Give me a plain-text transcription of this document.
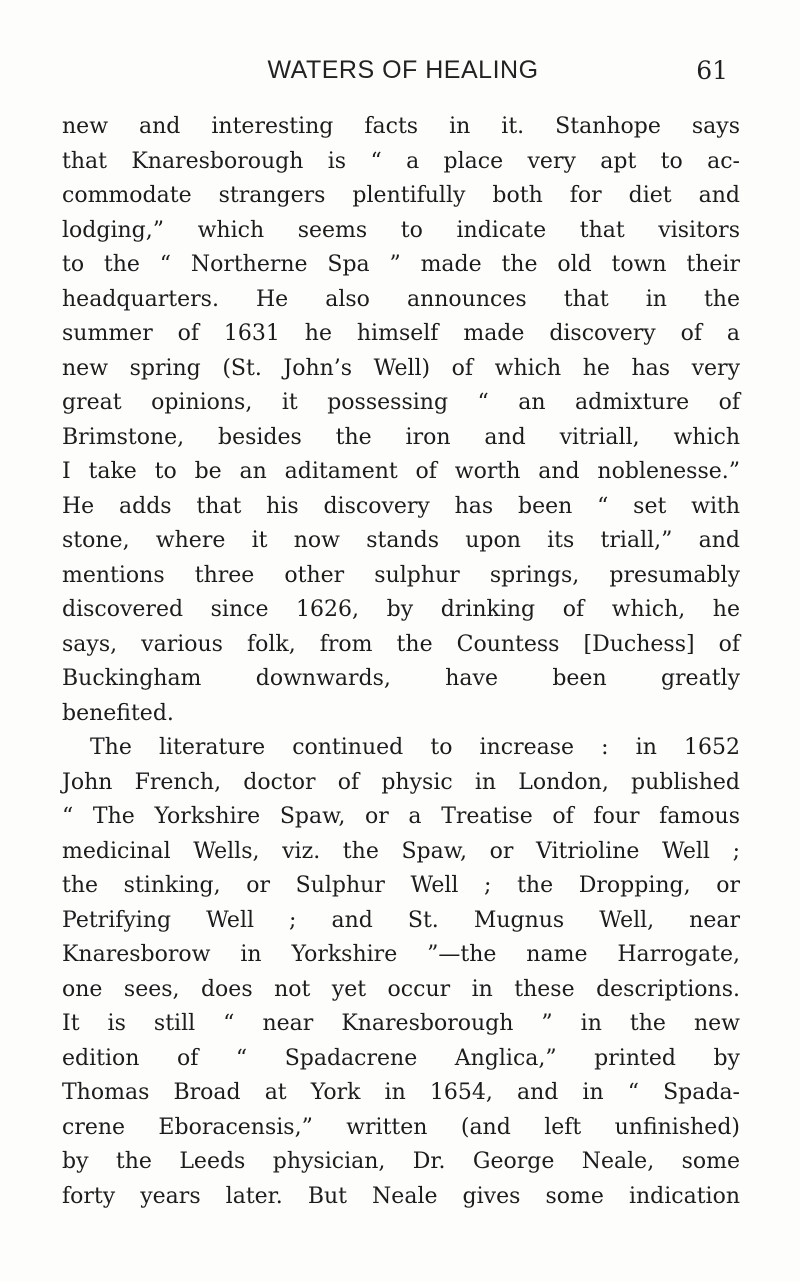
WATERS OF HEALING	61
new and interesting facts in it. Stanhope says
that Knaresborough is “ a place very apt to ac-
commodate strangers plentifully both for diet and
lodging,” which seems to indicate that visitors
to the “ Northerne Spa ” made the old town their
headquarters. He also announces that in the
summer of 1631 he himself made discovery of a
new spring (St. John’s Well) of which he has very
great opinions, it possessing “ an admixture of
Brimstone, besides the iron and vitriall, which
I take to be an aditament of worth and noblenesse.”
He adds that his discovery has been “ set with
stone, where it now stands upon its triall,” and
mentions three other sulphur springs, presumably
discovered since 1626, by drinking of which, he
says, various folk, from the Countess [Duchess] of
Buckingham downwards, have been greatly
benefited.
The literature continued to increase : in 1652
John French, doctor of physic in London, published
“ The Yorkshire Spaw, or a Treatise of four famous
medicinal Wells, viz. the Spaw, or Vitrioline Well ;
the stinking, or Sulphur Well ; the Dropping, or
Petrifying Well ; and St. Mugnus Well, near
Knaresborow in Yorkshire ”—the name Harrogate,
one sees, does not yet occur in these descriptions.
It is still “ near Knaresborough ” in the new
edition of “ Spadacrene Anglica,” printed by
Thomas Broad at York in 1654, and in “ Spada-
crene Eboracensis,” written (and left unfinished)
by the Leeds physician, Dr. George Neale, some
forty years later. But Neale gives some indication
